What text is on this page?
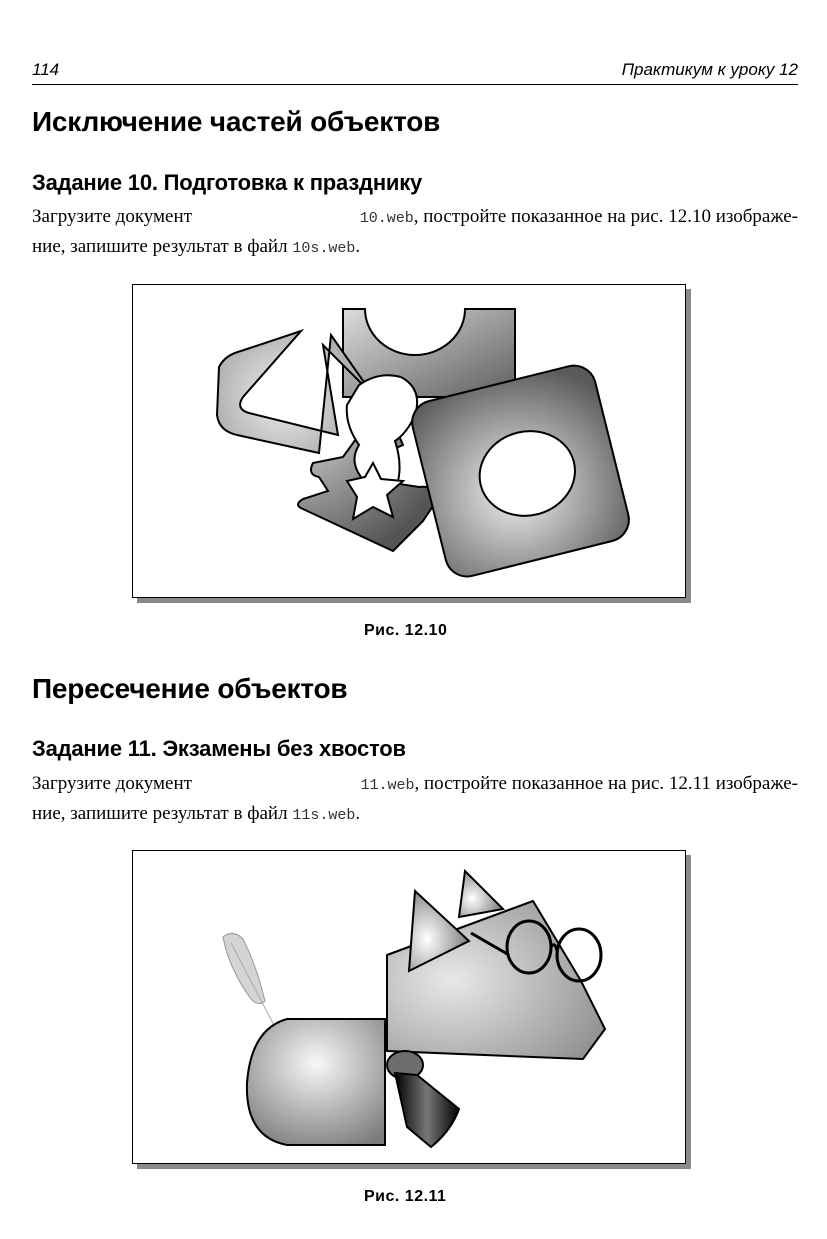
114	Практикум к уроку 12
Исключение частей объектов
Задание 10. Подготовка к празднику
Загрузите документ	10.web, постройте показанное на рис. 12.10 изображе-
ние, запишите результат в файл 10s.web.
Рис. 12.10
Пересечение объектов
Задание 11. Экзамены без хвостов
Загрузите документ	11.web, постройте показанное на рис. 12.11 изображе-
ние, запишите результат в файл 11s.web.
Рис. 12.11
